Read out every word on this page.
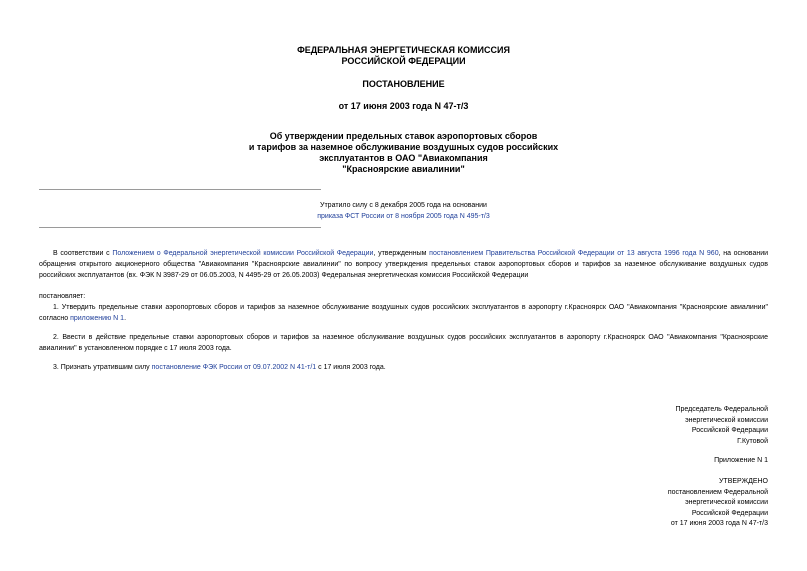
ФЕДЕРАЛЬНАЯ ЭНЕРГЕТИЧЕСКАЯ КОМИССИЯ
РОССИЙСКОЙ ФЕДЕРАЦИИ
ПОСТАНОВЛЕНИЕ
от 17 июня 2003 года N 47-т/3
Об утверждении предельных ставок аэропортовых сборов
и тарифов за наземное обслуживание воздушных судов российских
эксплуатантов в ОАО "Авиакомпания
"Красноярские авиалинии"
Утратило силу с 8 декабря 2005 года на основании
приказа ФСТ России от 8 ноября 2005 года N 495-т/3
В соответствии с Положением о Федеральной энергетической комиссии Российской Федерации, утвержденным постановлением Правительства Российской Федерации от 13 августа 1996 года N 960, на основании обращения открытого акционерного общества "Авиакомпания "Красноярские авиалинии" по вопросу утверждения предельных ставок аэропортовых сборов и тарифов за наземное обслуживание воздушных судов российских эксплуатантов (вх. ФЭК N 3987-29 от 06.05.2003, N 4495-29 от 26.05.2003) Федеральная энергетическая комиссия Российской Федерации
постановляет:
1. Утвердить предельные ставки аэропортовых сборов и тарифов за наземное обслуживание воздушных судов российских эксплуатантов в аэропорту г.Красноярск ОАО "Авиакомпания "Красноярские авиалинии" согласно приложению N 1.
2. Ввести в действие предельные ставки аэропортовых сборов и тарифов за наземное обслуживание воздушных судов российских эксплуатантов в аэропорту г.Красноярск ОАО "Авиакомпания "Красноярские авиалинии" в установленном порядке с 17 июля 2003 года.
3. Признать утратившим силу постановление ФЭК России от 09.07.2002 N 41-т/1 с 17 июля 2003 года.
Председатель Федеральной
энергетической комиссии
Российской Федерации
Г.Кутовой
Приложение N 1
УТВЕРЖДЕНО
постановлением Федеральной
энергетической комиссии
Российской Федерации
от 17 июня 2003 года N 47-т/3
